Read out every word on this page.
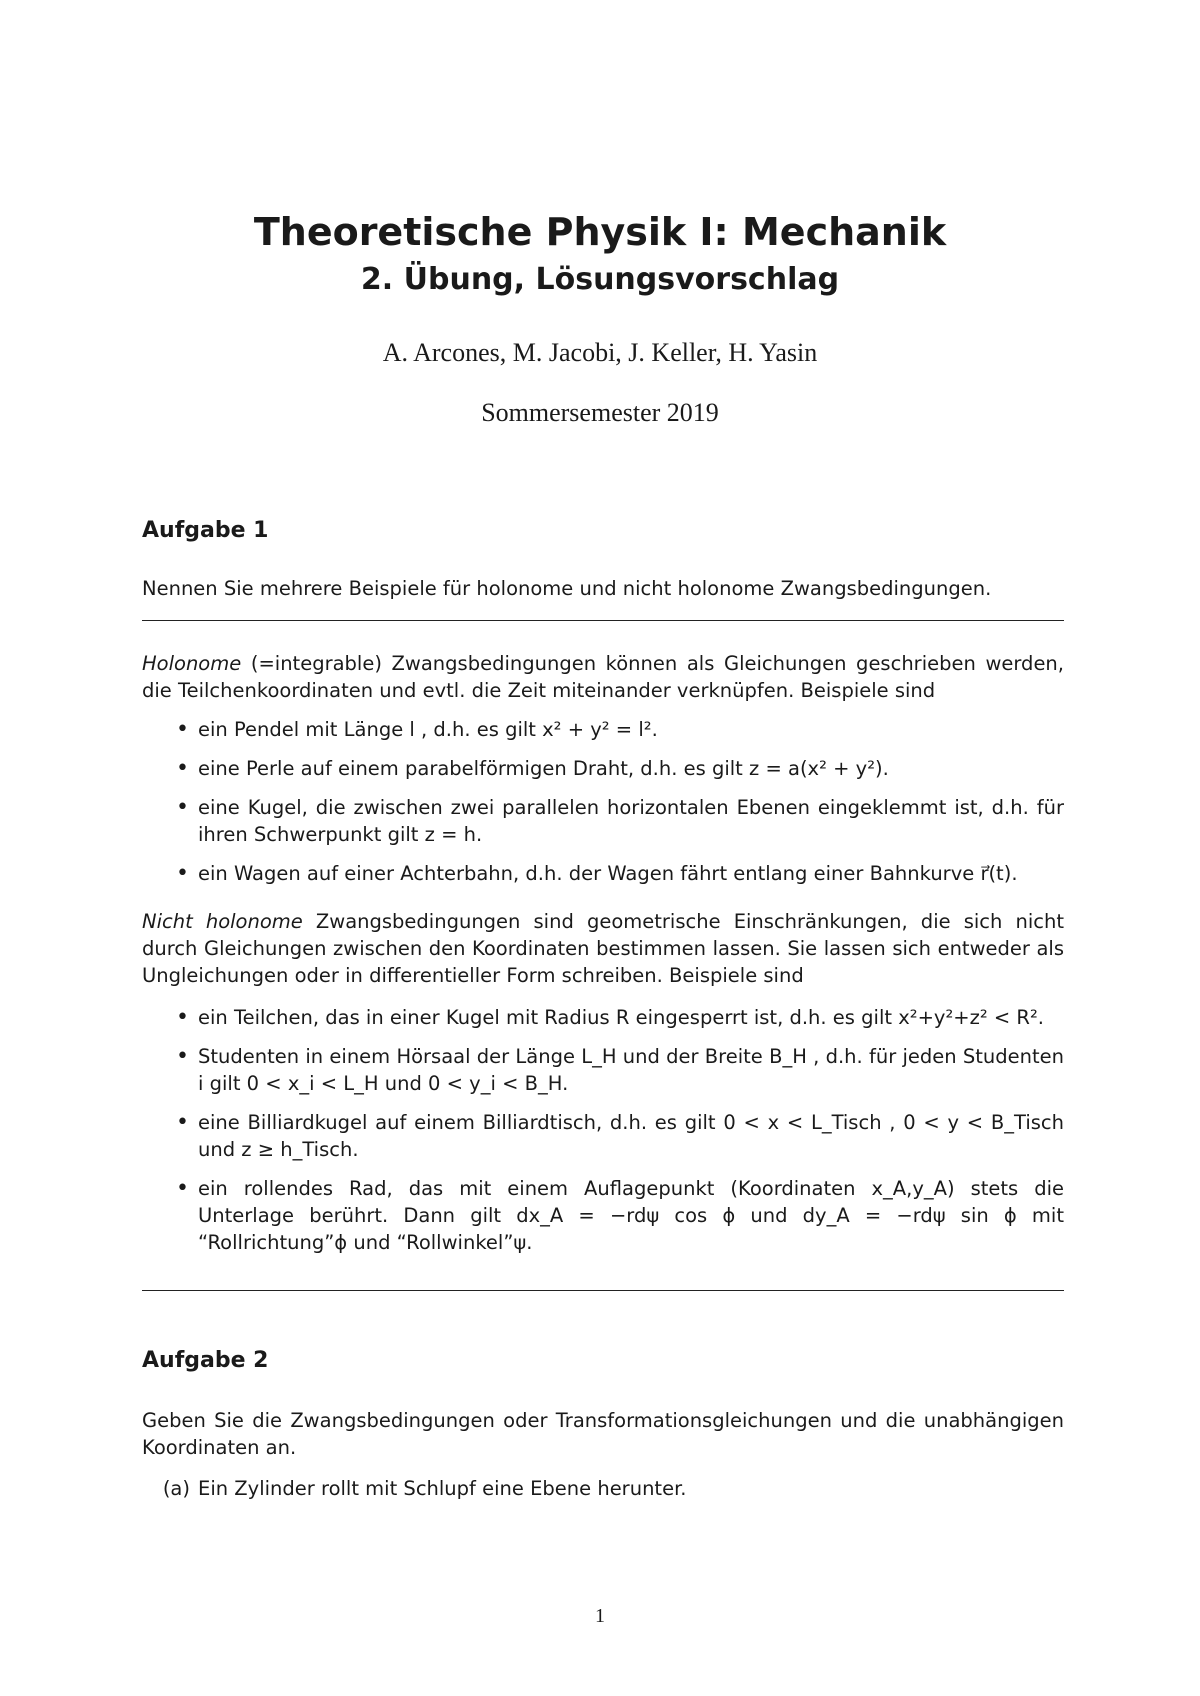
Theoretische Physik I: Mechanik
2. Übung, Lösungsvorschlag
A. Arcones, M. Jacobi, J. Keller, H. Yasin
Sommersemester 2019
Aufgabe 1
Nennen Sie mehrere Beispiele für holonome und nicht holonome Zwangsbedingungen.
Holonome (=integrable) Zwangsbedingungen können als Gleichungen geschrieben werden, die Teilchenkoordinaten und evtl. die Zeit miteinander verknüpfen. Beispiele sind
• ein Pendel mit Länge l , d.h. es gilt x² + y² = l².
• eine Perle auf einem parabelförmigen Draht, d.h. es gilt z = a(x² + y²).
• eine Kugel, die zwischen zwei parallelen horizontalen Ebenen eingeklemmt ist, d.h. für ihren Schwerpunkt gilt z = h.
• ein Wagen auf einer Achterbahn, d.h. der Wagen fährt entlang einer Bahnkurve r⃗(t).
Nicht holonome Zwangsbedingungen sind geometrische Einschränkungen, die sich nicht durch Gleichungen zwischen den Koordinaten bestimmen lassen. Sie lassen sich entweder als Ungleichungen oder in differentieller Form schreiben. Beispiele sind
• ein Teilchen, das in einer Kugel mit Radius R eingesperrt ist, d.h. es gilt x²+y²+z² < R².
• Studenten in einem Hörsaal der Länge L_H und der Breite B_H , d.h. für jeden Studenten i gilt 0 < x_i < L_H und 0 < y_i < B_H.
• eine Billiardkugel auf einem Billiardtisch, d.h. es gilt 0 < x < L_Tisch , 0 < y < B_Tisch und z ≥ h_Tisch.
• ein rollendes Rad, das mit einem Auflagepunkt (Koordinaten x_A,y_A) stets die Unterlage berührt. Dann gilt dx_A = −rdψ cos ϕ und dy_A = −rdψ sin ϕ mit “Rollrichtung”ϕ und “Rollwinkel”ψ.
Aufgabe 2
Geben Sie die Zwangsbedingungen oder Transformationsgleichungen und die unabhängigen Koordinaten an.
(a) Ein Zylinder rollt mit Schlupf eine Ebene herunter.
1
